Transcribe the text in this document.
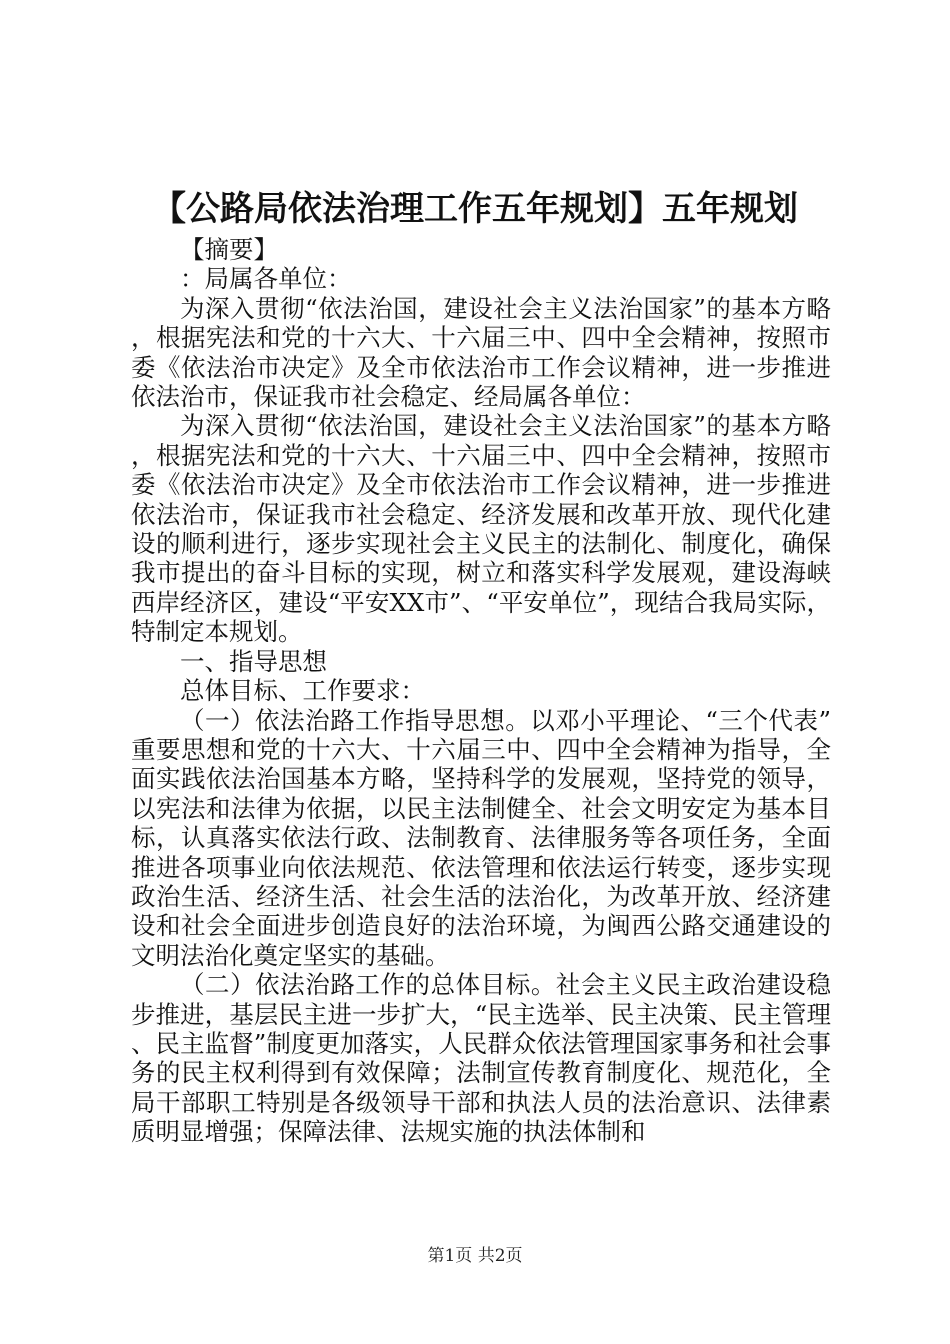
【公路局依法治理工作五年规划】五年规划

【摘要】

：局属各单位：

为深入贯彻“依法治国，建设社会主义法治国家”的基本方略，根据宪法和党的十六大、十六届三中、四中全会精神，按照市委《依法治市决定》及全市依法治市工作会议精神，进一步推进依法治市，保证我市社会稳定、经局属各单位：

为深入贯彻“依法治国，建设社会主义法治国家”的基本方略，根据宪法和党的十六大、十六届三中、四中全会精神，按照市委《依法治市决定》及全市依法治市工作会议精神，进一步推进依法治市，保证我市社会稳定、经济发展和改革开放、现代化建设的顺利进行，逐步实现社会主义民主的法制化、制度化，确保我市提出的奋斗目标的实现，树立和落实科学发展观，建设海峡西岸经济区，建设“平安XX市”、“平安单位”，现结合我局实际，特制定本规划。

一、指导思想

总体目标、工作要求：

（一）依法治路工作指导思想。以邓小平理论、“三个代表”重要思想和党的十六大、十六届三中、四中全会精神为指导，全面实践依法治国基本方略，坚持科学的发展观，坚持党的领导，以宪法和法律为依据，以民主法制健全、社会文明安定为基本目标，认真落实依法行政、法制教育、法律服务等各项任务，全面推进各项事业向依法规范、依法管理和依法运行转变，逐步实现政治生活、经济生活、社会生活的法治化，为改革开放、经济建设和社会全面进步创造良好的法治环境，为闽西公路交通建设的文明法治化奠定坚实的基础。

（二）依法治路工作的总体目标。社会主义民主政治建设稳步推进，基层民主进一步扩大，“民主选举、民主决策、民主管理、民主监督”制度更加落实，人民群众依法管理国家事务和社会事务的民主权利得到有效保障；法制宣传教育制度化、规范化，全局干部职工特别是各级领导干部和执法人员的法治意识、法律素质明显增强；保障法律、法规实施的执法体制和

第1页 共2页
